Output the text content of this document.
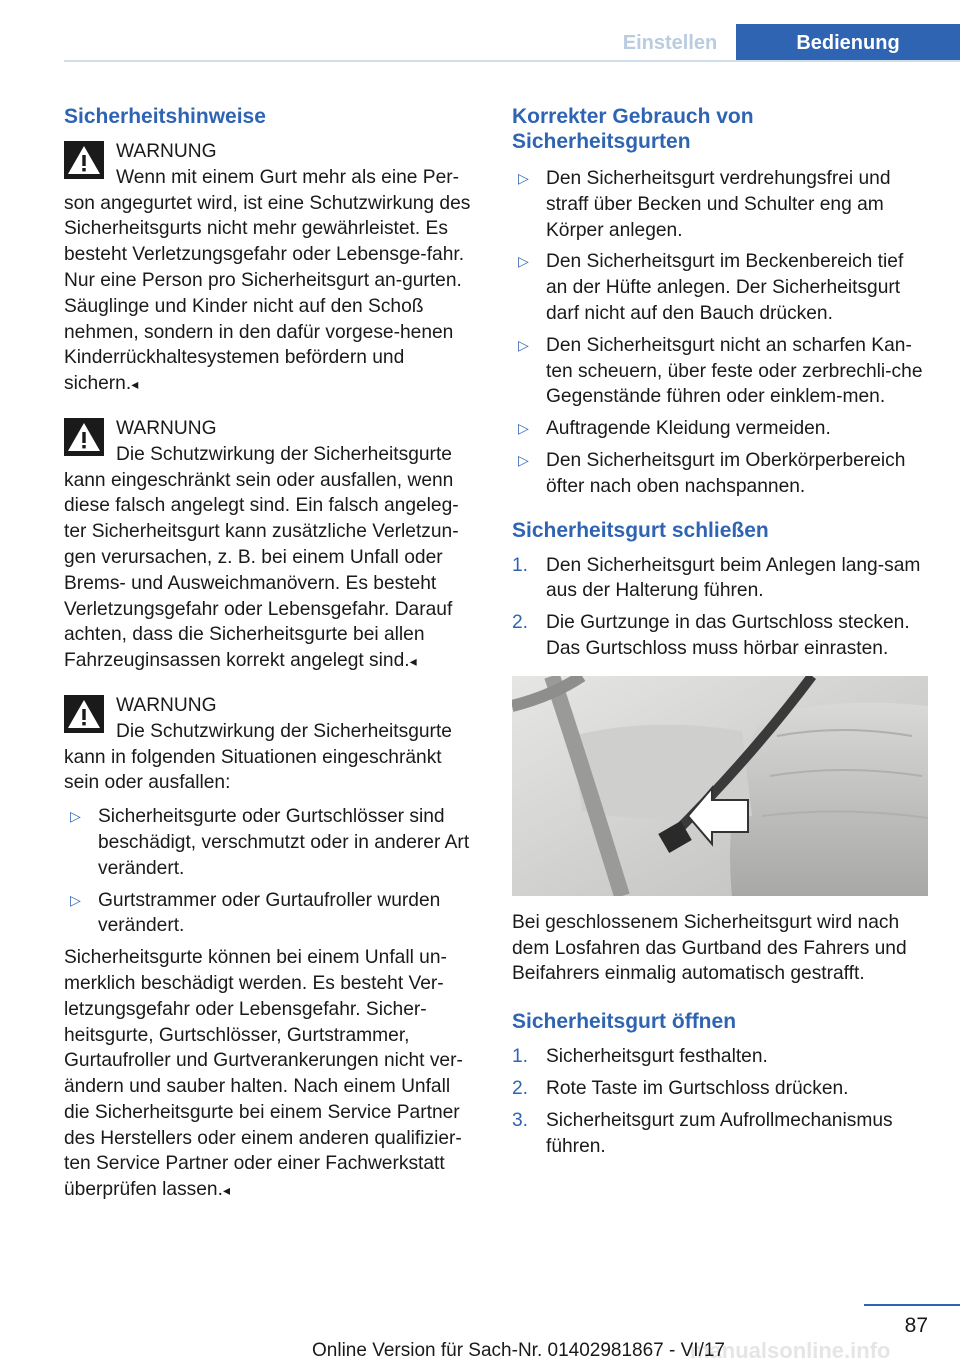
Einstellen	Bedienung
Sicherheitshinweise
WARNUNG
Wenn mit einem Gurt mehr als eine Per-
son angegurtet wird, ist eine Schutzwirkung des Sicherheitsgurts nicht mehr gewährleistet. Es besteht Verletzungsgefahr oder Lebensge-fahr. Nur eine Person pro Sicherheitsgurt an-gurten. Säuglinge und Kinder nicht auf den Schoß nehmen, sondern in den dafür vorgese-henen Kinderrückhaltesystemen befördern und sichern.◂
WARNUNG
Die Schutzwirkung der Sicherheitsgurte
kann eingeschränkt sein oder ausfallen, wenn diese falsch angelegt sind. Ein falsch angeleg-ter Sicherheitsgurt kann zusätzliche Verletzun-gen verursachen, z. B. bei einem Unfall oder Brems- und Ausweichmanövern. Es besteht Verletzungsgefahr oder Lebensgefahr. Darauf achten, dass die Sicherheitsgurte bei allen Fahrzeuginsassen korrekt angelegt sind.◂
WARNUNG
Die Schutzwirkung der Sicherheitsgurte
kann in folgenden Situationen eingeschränkt sein oder ausfallen:
▷ Sicherheitsgurte oder Gurtschlösser sind beschädigt, verschmutzt oder in anderer Art verändert.
▷ Gurtstrammer oder Gurtaufroller wurden verändert.
Sicherheitsgurte können bei einem Unfall un-merklich beschädigt werden. Es besteht Ver-letzungsgefahr oder Lebensgefahr. Sicher-heitsgurte, Gurtschlösser, Gurtstrammer, Gurtaufroller und Gurtverankerungen nicht ver-ändern und sauber halten. Nach einem Unfall die Sicherheitsgurte bei einem Service Partner des Herstellers oder einem anderen qualifizier-ten Service Partner oder einer Fachwerkstatt überprüfen lassen.◂
Korrekter Gebrauch von Sicherheitsgurten
▷ Den Sicherheitsgurt verdrehungsfrei und straff über Becken und Schulter eng am Körper anlegen.
▷ Den Sicherheitsgurt im Beckenbereich tief an der Hüfte anlegen. Der Sicherheitsgurt darf nicht auf den Bauch drücken.
▷ Den Sicherheitsgurt nicht an scharfen Kan-ten scheuern, über feste oder zerbrechli-che Gegenstände führen oder einklem-men.
▷ Auftragende Kleidung vermeiden.
▷ Den Sicherheitsgurt im Oberkörperbereich öfter nach oben nachspannen.
Sicherheitsgurt schließen
1. Den Sicherheitsgurt beim Anlegen lang-sam aus der Halterung führen.
2. Die Gurtzunge in das Gurtschloss stecken. Das Gurtschloss muss hörbar einrasten.

Bei geschlossenem Sicherheitsgurt wird nach dem Losfahren das Gurtband des Fahrers und Beifahrers einmalig automatisch gestrafft.

Sicherheitsgurt öffnen
1. Sicherheitsgurt festhalten.
2. Rote Taste im Gurtschloss drücken.
3. Sicherheitsgurt zum Aufrollmechanismus führen.
87
manualsonline.info
Online Version für Sach-Nr. 01402981867 - VI/17
